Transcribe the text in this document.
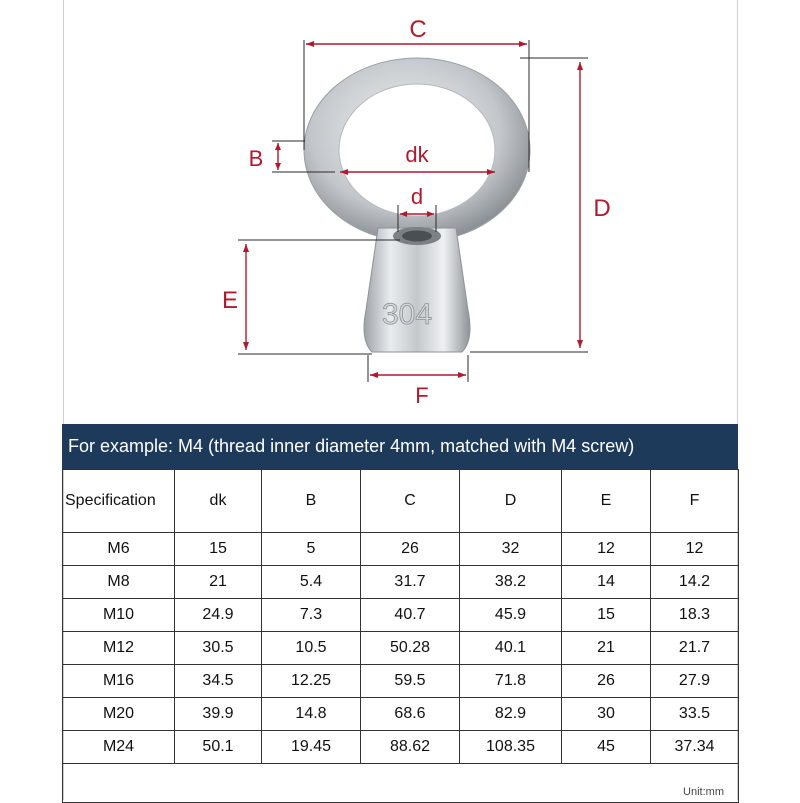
304
C
B	dk
d	D
E
F
For example: M4 (thread inner diameter 4mm, matched with M4 screw)
Specification	dk	B	C	D	E	F
M6	15	5	26	32	12	12
M8	21	5.4	31.7	38.2	14	14.2
M10	24.9	7.3	40.7	45.9	15	18.3
M12	30.5	10.5	50.28	40.1	21	21.7
M16	34.5	12.25	59.5	71.8	26	27.9
M20	39.9	14.8	68.6	82.9	30	33.5
M24	50.1	19.45	88.62	108.35	45	37.34

Unit:mm						
